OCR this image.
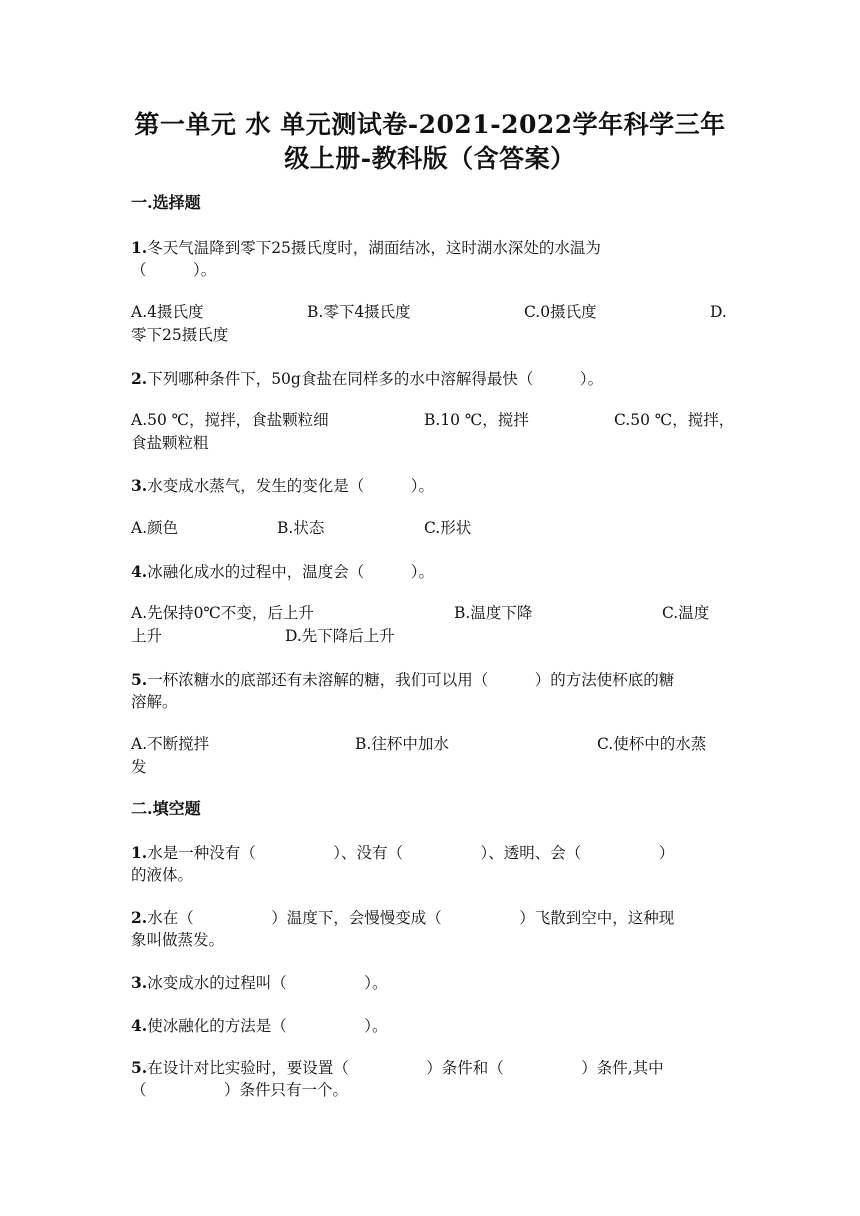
第一单元 水 单元测试卷-2021-2022学年科学三年
级上册-教科版（含答案）
一.选择题
1.冬天气温降到零下25摄氏度时，湖面结冰，这时湖水深处的水温为
（　　　）。
A.4摄氏度	B.零下4摄氏度	C.0摄氏度	D.
零下25摄氏度
2.下列哪种条件下，50g食盐在同样多的水中溶解得最快（　　　）。
A.50 ℃，搅拌，食盐颗粒细	B.10 ℃，搅拌	C.50 ℃，搅拌，
食盐颗粒粗
3.水变成水蒸气，发生的变化是（　　　）。
A.颜色	B.状态	C.形状
4.冰融化成水的过程中，温度会（　　　）。
A.先保持0℃不变，后上升	B.温度下降	C.温度
上升	D.先下降后上升
5.一杯浓糖水的底部还有未溶解的糖，我们可以用（　　　）的方法使杯底的糖
溶解。
A.不断搅拌	B.往杯中加水	C.使杯中的水蒸
发
二.填空题
1.水是一种没有（　　　　　）、没有（　　　　　）、透明、会（　　　　　）
的液体。
2.水在（　　　　　）温度下，会慢慢变成（　　　　　）飞散到空中，这种现
象叫做蒸发。
3.冰变成水的过程叫（　　　　　）。
4.使冰融化的方法是（　　　　　）。
5.在设计对比实验时，要设置（　　　　　）条件和（　　　　　）条件,其中
（　　　　　）条件只有一个。
